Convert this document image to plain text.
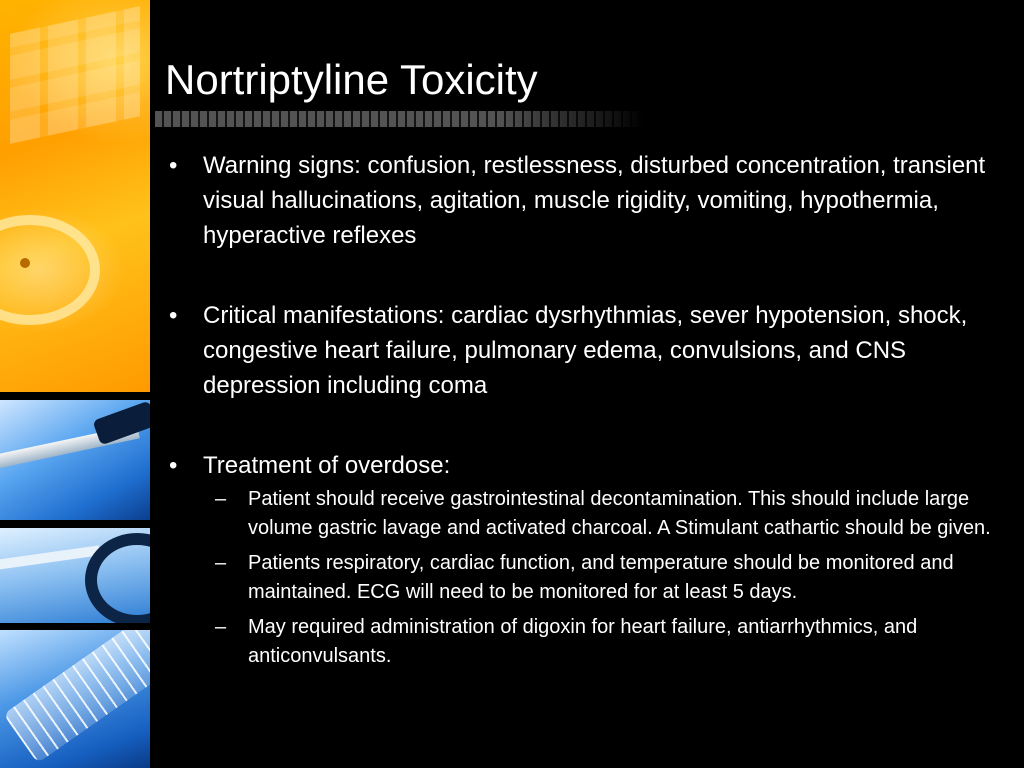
Nortriptyline Toxicity
• Warning signs: confusion, restlessness, disturbed concentration, transient visual hallucinations, agitation, muscle rigidity, vomiting, hypothermia, hyperactive reflexes
• Critical manifestations: cardiac dysrhythmias, sever hypotension, shock, congestive heart failure, pulmonary edema, convulsions, and CNS depression including coma
• Treatment of overdose:
– Patient should receive gastrointestinal decontamination. This should include large volume gastric lavage and activated charcoal. A Stimulant cathartic should be given.
– Patients respiratory, cardiac function, and temperature should be monitored and maintained. ECG will need to be monitored for at least 5 days.
– May required administration of digoxin for heart failure, antiarrhythmics, and anticonvulsants.
